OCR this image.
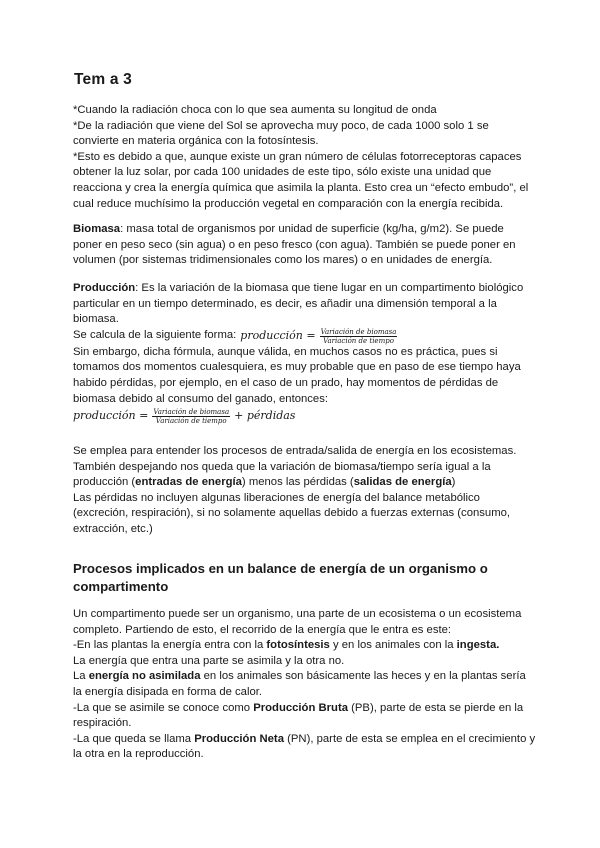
Tem a 3

*Cuando la radiación choca con lo que sea aumenta su longitud de onda

*De la radiación que viene del Sol se aprovecha muy poco, de cada 1000 solo 1 se

convierte en materia orgánica con la fotosíntesis.

*Esto es debido a que, aunque existe un gran número de células fotorreceptoras capaces

obtener la luz solar, por cada 100 unidades de este tipo, sólo existe una unidad que

reacciona y crea la energía química que asimila la planta. Esto crea un “efecto embudo”, el

cual reduce muchísimo la producción vegetal en comparación con la energía recibida.

Biomasa: masa total de organismos por unidad de superficie (kg/ha, g/m2). Se puede

poner en peso seco (sin agua) o en peso fresco (con agua). También se puede poner en

volumen (por sistemas tridimensionales como los mares) o en unidades de energía.

Producción: Es la variación de la biomasa que tiene lugar en un compartimento biológico

particular en un tiempo determinado, es decir, es añadir una dimensión temporal a la

biomasa.

Se calcula de la siguiente forma: producción = $\frac{\text{Variación de biomasa}}{\text{Variación de tiempo}}$

Sin embargo, dicha fórmula, aunque válida, en muchos casos no es práctica, pues si

tomamos dos momentos cualesquiera, es muy probable que en paso de ese tiempo haya

habido pérdidas, por ejemplo, en el caso de un prado, hay momentos de pérdidas de

biomasa debido al consumo del ganado, entonces:

producción = $\frac{\text{Variación de biomasa}}{\text{Variación de tiempo}}$ + pérdidas

Se emplea para entender los procesos de entrada/salida de energía en los ecosistemas.

También despejando nos queda que la variación de biomasa/tiempo sería igual a la

producción (entradas de energía) menos las pérdidas (salidas de energía)

Las pérdidas no incluyen algunas liberaciones de energía del balance metabólico

(excreción, respiración), si no solamente aquellas debido a fuerzas externas (consumo,

extracción, etc.)

Procesos implicados en un balance de energía de un organismo o compartimento

Un compartimento puede ser un organismo, una parte de un ecosistema o un ecosistema

completo. Partiendo de esto, el recorrido de la energía que le entra es este:

-En las plantas la energía entra con la fotosíntesis y en los animales con la ingesta.

La energía que entra una parte se asimila y la otra no.

La energía no asimilada en los animales son básicamente las heces y en la plantas sería

la energía disipada en forma de calor.

-La que se asimile se conoce como Producción Bruta (PB), parte de esta se pierde en la

respiración.

-La que queda se llama Producción Neta (PN), parte de esta se emplea en el crecimiento y

la otra en la reproducción.
